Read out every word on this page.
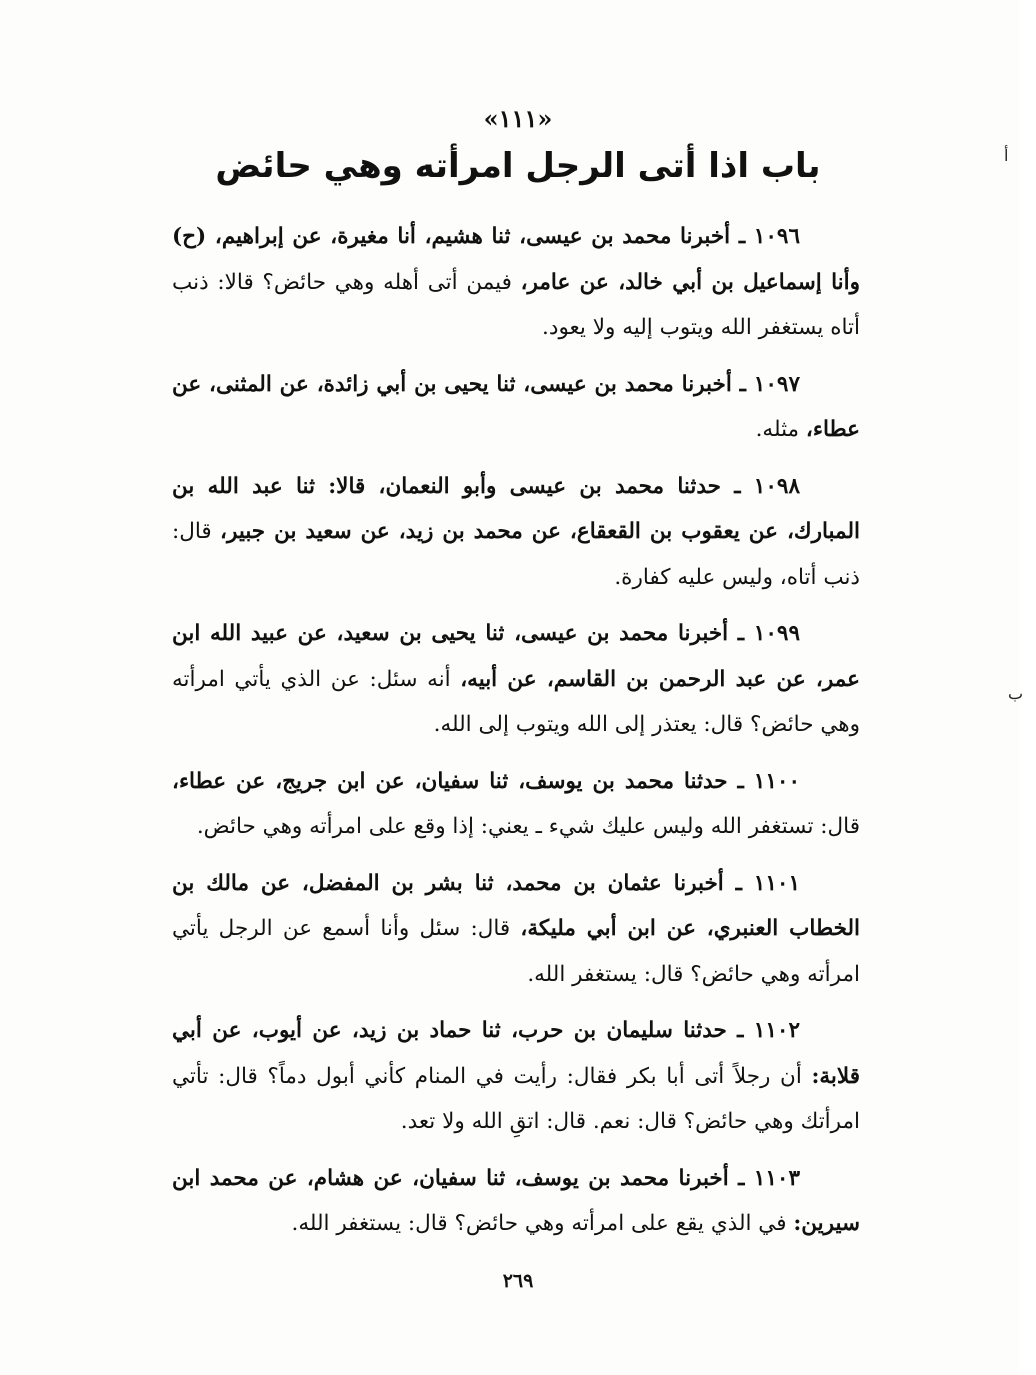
«١١١»
باب اذا أتى الرجل امرأته وهي حائض	أ
ب

١٠٩٦ ـ أخبرنا محمد بن عيسى، ثنا هشيم، أنا مغيرة، عن إبراهيم، (ح) وأنا إسماعيل بن أبي خالد، عن عامر، فيمن أتى أهله وهي حائض؟ قالا: ذنب أتاه يستغفر الله ويتوب إليه ولا يعود.

١٠٩٧ ـ أخبرنا محمد بن عيسى، ثنا يحيى بن أبي زائدة، عن المثنى، عن عطاء، مثله.

١٠٩٨ ـ حدثنا محمد بن عيسى وأبو النعمان، قالا: ثنا عبد الله بن المبارك، عن يعقوب بن القعقاع، عن محمد بن زيد، عن سعيد بن جبير، قال: ذنب أتاه، وليس عليه كفارة.

١٠٩٩ ـ أخبرنا محمد بن عيسى، ثنا يحيى بن سعيد، عن عبيد الله ابن عمر، عن عبد الرحمن بن القاسم، عن أبيه، أنه سئل: عن الذي يأتي امرأته وهي حائض؟ قال: يعتذر إلى الله ويتوب إلى الله.

١١٠٠ ـ حدثنا محمد بن يوسف، ثنا سفيان، عن ابن جريج، عن عطاء، قال: تستغفر الله وليس عليك شيء ـ يعني: إذا وقع على امرأته وهي حائض.

١١٠١ ـ أخبرنا عثمان بن محمد، ثنا بشر بن المفضل، عن مالك بن الخطاب العنبري، عن ابن أبي مليكة، قال: سئل وأنا أسمع عن الرجل يأتي امرأته وهي حائض؟ قال: يستغفر الله.

١١٠٢ ـ حدثنا سليمان بن حرب، ثنا حماد بن زيد، عن أيوب، عن أبي قلابة: أن رجلاً أتى أبا بكر فقال: رأيت في المنام كأني أبول دماً؟ قال: تأتي امرأتك وهي حائض؟ قال: نعم. قال: اتقِ الله ولا تعد.

١١٠٣ ـ أخبرنا محمد بن يوسف، ثنا سفيان، عن هشام، عن محمد ابن سيرين: في الذي يقع على امرأته وهي حائض؟ قال: يستغفر الله.

٢٦٩
